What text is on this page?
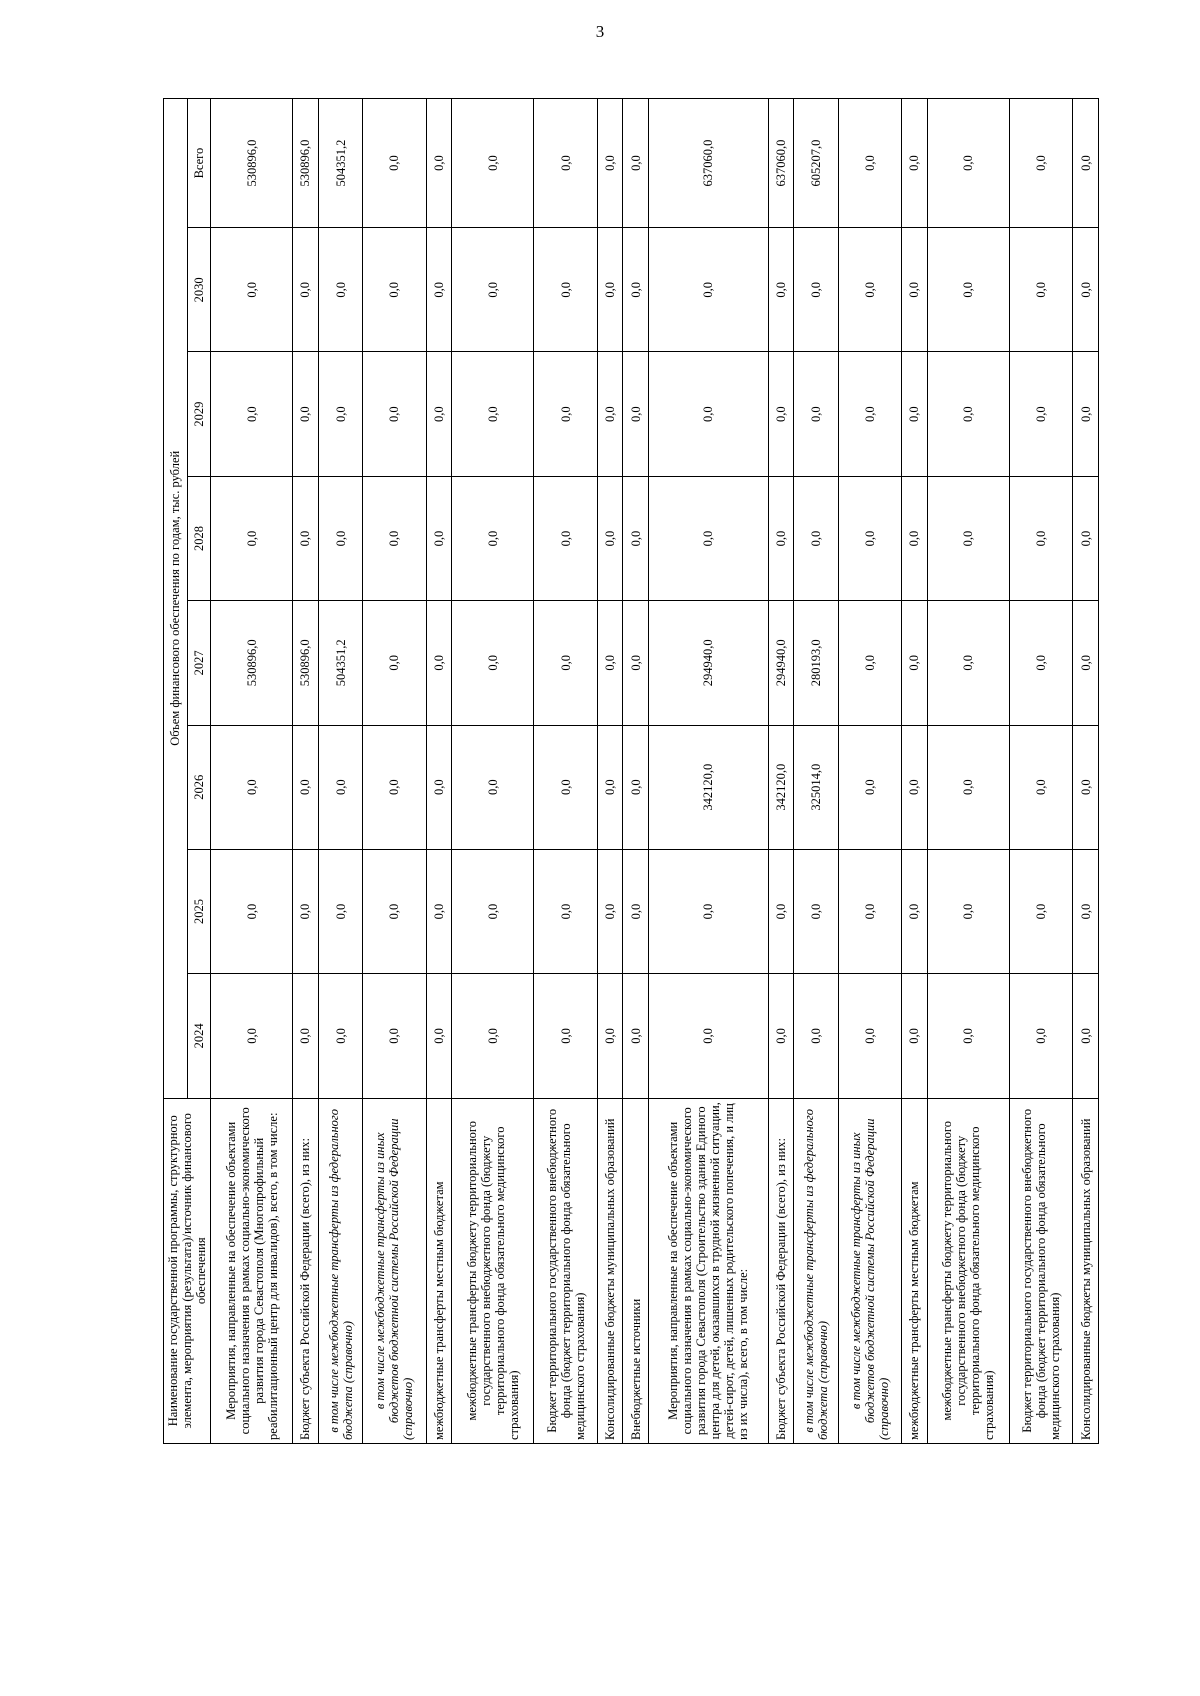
3
Наименование государственной программы, структурного элемента, мероприятия (результата)/источник финансового обеспечения	Объем финансового обеспечения по годам, тыс. рублей							
	2024	2025	2026	2027	2028	2029	2030	Всего
Мероприятия, направленные на обеспечение объектами социального назначения в рамках социально-экономического развития города Севастополя (Многопрофильный реабилитационный центр для инвалидов), всего, в том числе:	0,0	0,0	0,0	530896,0	0,0	0,0	0,0	530896,0
Бюджет субъекта Российской Федерации (всего), из них:	0,0	0,0	0,0	530896,0	0,0	0,0	0,0	530896,0
в том числе межбюджетные трансферты из федерального бюджета (справочно)	0,0	0,0	0,0	504351,2	0,0	0,0	0,0	504351,2
в том числе межбюджетные трансферты из иных бюджетов бюджетной системы Российской Федерации (справочно)	0,0	0,0	0,0	0,0	0,0	0,0	0,0	0,0
межбюджетные трансферты местным бюджетам	0,0	0,0	0,0	0,0	0,0	0,0	0,0	0,0
межбюджетные трансферты бюджету территориального государственного внебюджетного фонда (бюджету территориального фонда обязательного медицинского страхования)	0,0	0,0	0,0	0,0	0,0	0,0	0,0	0,0
Бюджет территориального государственного внебюджетного фонда (бюджет территориального фонда обязательного медицинского страхования)	0,0	0,0	0,0	0,0	0,0	0,0	0,0	0,0
Консолидированные бюджеты муниципальных образований	0,0	0,0	0,0	0,0	0,0	0,0	0,0	0,0
Внебюджетные источники	0,0	0,0	0,0	0,0	0,0	0,0	0,0	0,0
Мероприятия, направленные на обеспечение объектами социального назначения в рамках социально-экономического развития города Севастополя (Строительство здания Единого центра для детей, оказавшихся в трудной жизненной ситуации, детей-сирот, детей, лишенных родительского попечения, и лиц из их числа), всего, в том числе:	0,0	0,0	342120,0	294940,0	0,0	0,0	0,0	637060,0
Бюджет субъекта Российской Федерации (всего), из них:	0,0	0,0	342120,0	294940,0	0,0	0,0	0,0	637060,0
в том числе межбюджетные трансферты из федерального бюджета (справочно)	0,0	0,0	325014,0	280193,0	0,0	0,0	0,0	605207,0
в том числе межбюджетные трансферты из иных бюджетов бюджетной системы Российской Федерации (справочно)	0,0	0,0	0,0	0,0	0,0	0,0	0,0	0,0
межбюджетные трансферты местным бюджетам	0,0	0,0	0,0	0,0	0,0	0,0	0,0	0,0
межбюджетные трансферты бюджету территориального государственного внебюджетного фонда (бюджету территориального фонда обязательного медицинского страхования)	0,0	0,0	0,0	0,0	0,0	0,0	0,0	0,0
Бюджет территориального государственного внебюджетного фонда (бюджет территориального фонда обязательного медицинского страхования)	0,0	0,0	0,0	0,0	0,0	0,0	0,0	0,0
Консолидированные бюджеты муниципальных образований	0,0	0,0	0,0	0,0	0,0	0,0	0,0	0,0
